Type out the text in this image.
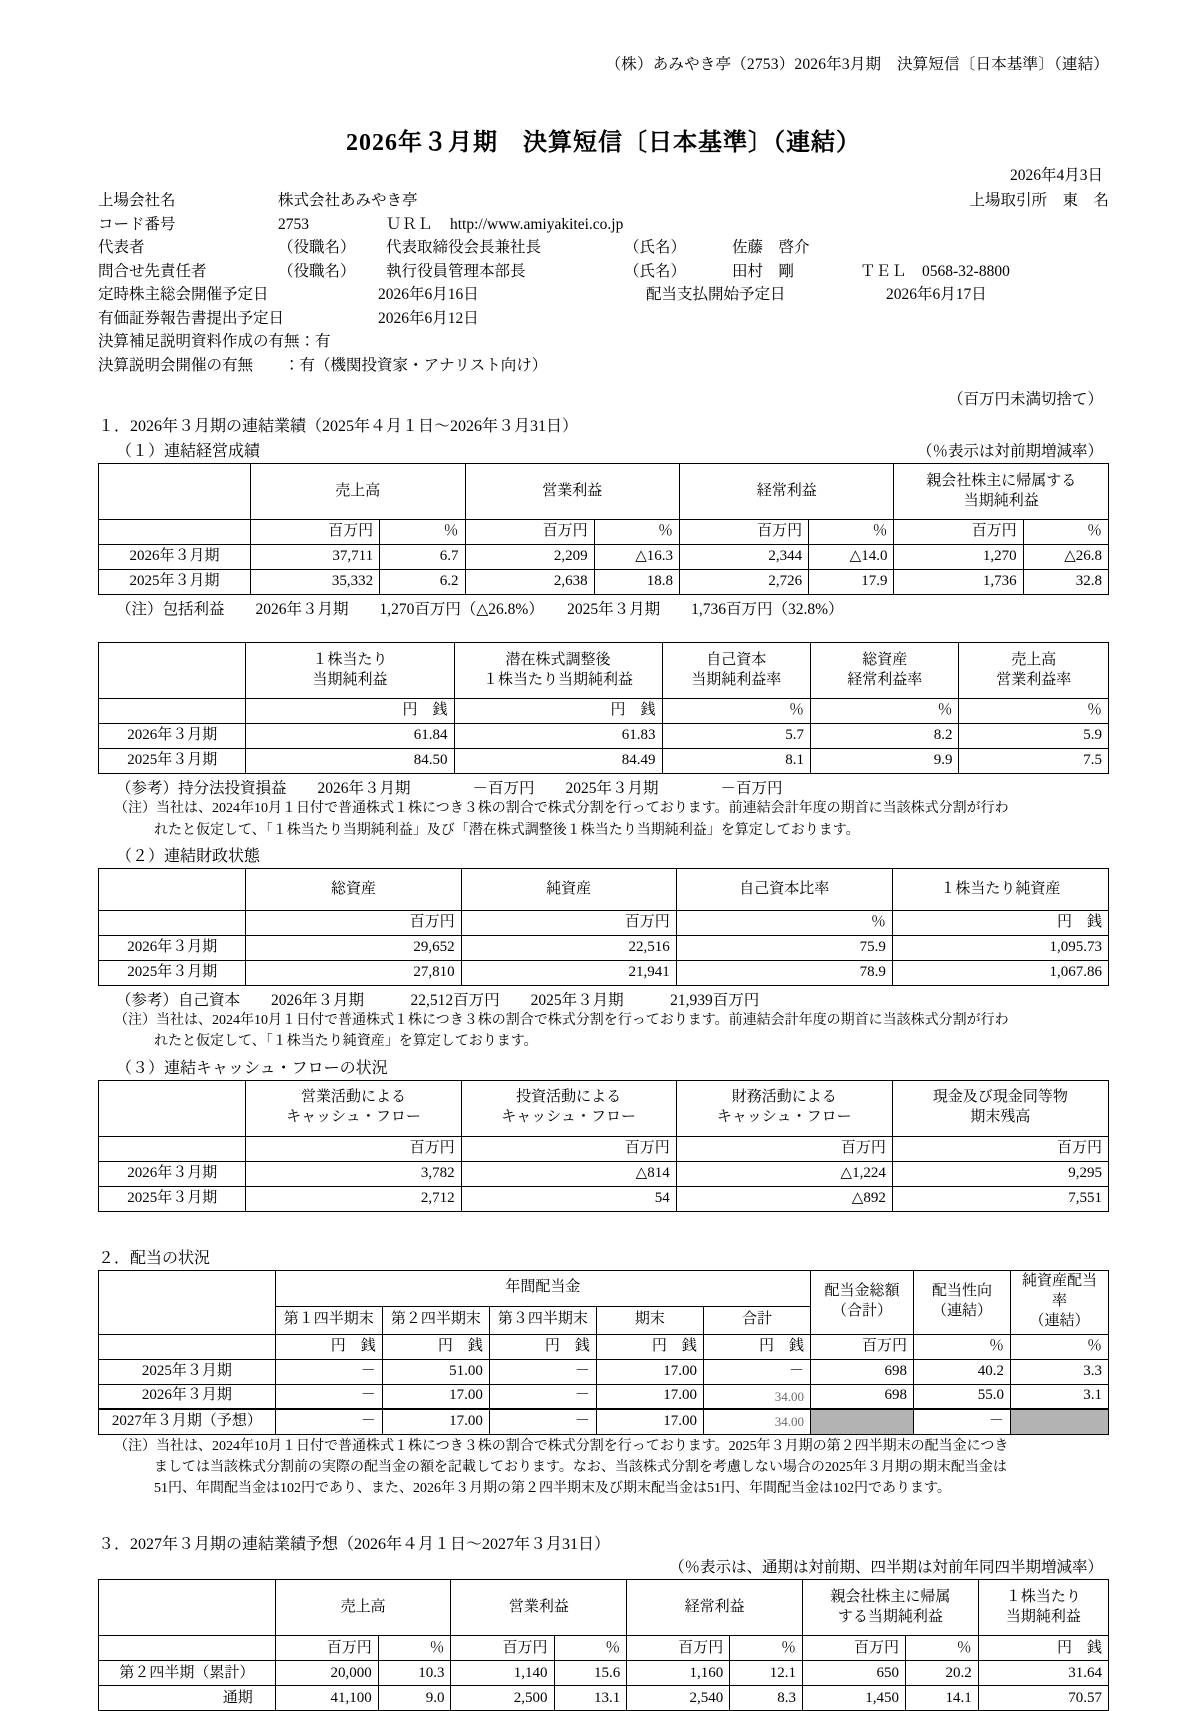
（株）あみやき亭（2753）2026年3月期　決算短信〔日本基準〕（連結）
2026年３月期　決算短信〔日本基準〕（連結）
2026年4月3日
上場会社名	株式会社あみやき亭	上場取引所　 東　名
コード番号	2753	ＵＲＬ	http://www.amiyakitei.co.jp
代表者	（役職名）	代表取締役会長兼社長	（氏名）	佐藤　啓介
問合せ先責任者	（役職名）	執行役員管理本部長	（氏名）	田村　剛	ＴＥＬ 0568-32-8800
定時株主総会開催予定日	2026年6月16日	配当支払開始予定日	2026年6月17日
有価証券報告書提出予定日	2026年6月12日
決算補足説明資料作成の有無： 有
決算説明会開催の有無　　： 有（機関投資家・アナリスト向け）
（百万円未満切捨て）
１．2026年３月期の連結業績（2025年４月１日～2026年３月31日）
（１）連結経営成績	（％表示は対前期増減率）
	売上高		営業利益		経常利益		親会社株主に帰属する
当期純利益	

	百万円	％	百万円	％	百万円	％	百万円	％
2026年３月期	37,711	6.7	2,209	△16.3	2,344	△14.0	1,270	△26.8
2025年３月期	35,332	6.2	2,638	18.8	2,726	17.9	1,736	32.8
（注）包括利益　　2026年３月期　　1,270百万円（△26.8%）　　2025年３月期　　1,736百万円（32.8%）

１株当たり
当期純利益

潜在株式調整後
１株当たり当期純利益

自己資本
当期純利益率

総資産
経常利益率

売上高
営業利益率

	円　銭	円　銭	％	％	％
2026年３月期	61.84	61.83	5.7	8.2	5.9
2025年３月期	84.50	84.49	8.1	9.9	7.5
（参考）持分法投資損益　　2026年３月期　　　　－百万円　　2025年３月期　　　　－百万円
（注）当社は、2024年10月１日付で普通株式１株につき３株の割合で株式分割を行っております。前連結会計年度の期首に当該株式分割が行わ
れたと仮定して、「１株当たり当期純利益」及び「潜在株式調整後１株当たり当期純利益」を算定しております。
（２）連結財政状態
	総資産	純資産	自己資本比率	１株当たり純資産
	百万円	百万円	％	円　銭
2026年３月期	29,652	22,516	75.9	1,095.73
2025年３月期	27,810	21,941	78.9	1,067.86
（参考）自己資本　　2026年３月期　　　22,512百万円　　2025年３月期　　　21,939百万円
（注）当社は、2024年10月１日付で普通株式１株につき３株の割合で株式分割を行っております。前連結会計年度の期首に当該株式分割が行わ
れたと仮定して、「１株当たり純資産」を算定しております。
（３）連結キャッシュ・フローの状況

営業活動による
キャッシュ・フロー

投資活動による
キャッシュ・フロー

財務活動による
キャッシュ・フロー

現金及び現金同等物
期末残高

	百万円	百万円	百万円	百万円
2026年３月期	3,782	△814	△1,224	9,295
2025年３月期	2,712	54	△892	7,551
２．配当の状況
	年間配当金	配当金総額
（合計）

配当性向
（連結）

純資産配当率
（連結）

	第１四半期末	第２四半期末	第３四半期末	期末	合計			
	円　銭	円　銭	円　銭	円　銭	円　銭	百万円	％	％
2025年３月期	－	51.00	－	17.00	－	698	40.2	3.3
2026年３月期	－	17.00	－	17.00	34.00	698	55.0	3.1
2027年３月期（予想）	－	17.00	－	17.00	34.00		－	
（注）当社は、2024年10月１日付で普通株式１株につき３株の割合で株式分割を行っております。2025年３月期の第２四半期末の配当金につき
ましては当該株式分割前の実際の配当金の額を記載しております。なお、当該株式分割を考慮しない場合の2025年３月期の期末配当金は
51円、年間配当金は102円であり、また、2026年３月期の第２四半期末及び期末配当金は51円、年間配当金は102円であります。
３．2027年３月期の連結業績予想（2026年４月１日～2027年３月31日）
（％表示は、通期は対前期、四半期は対前年同四半期増減率）
	売上高	営業利益	経常利益	
親会社株主に帰属
する当期純利益

１株当たり
当期純利益

	百万円	％	百万円	％	百万円	％	百万円	％	円　銭
第２四半期（累計）	20,000	10.3	1,140	15.6	1,160	12.1	650	20.2	31.64
通期	41,100	9.0	2,500	13.1	2,540	8.3	1,450	14.1	70.57
